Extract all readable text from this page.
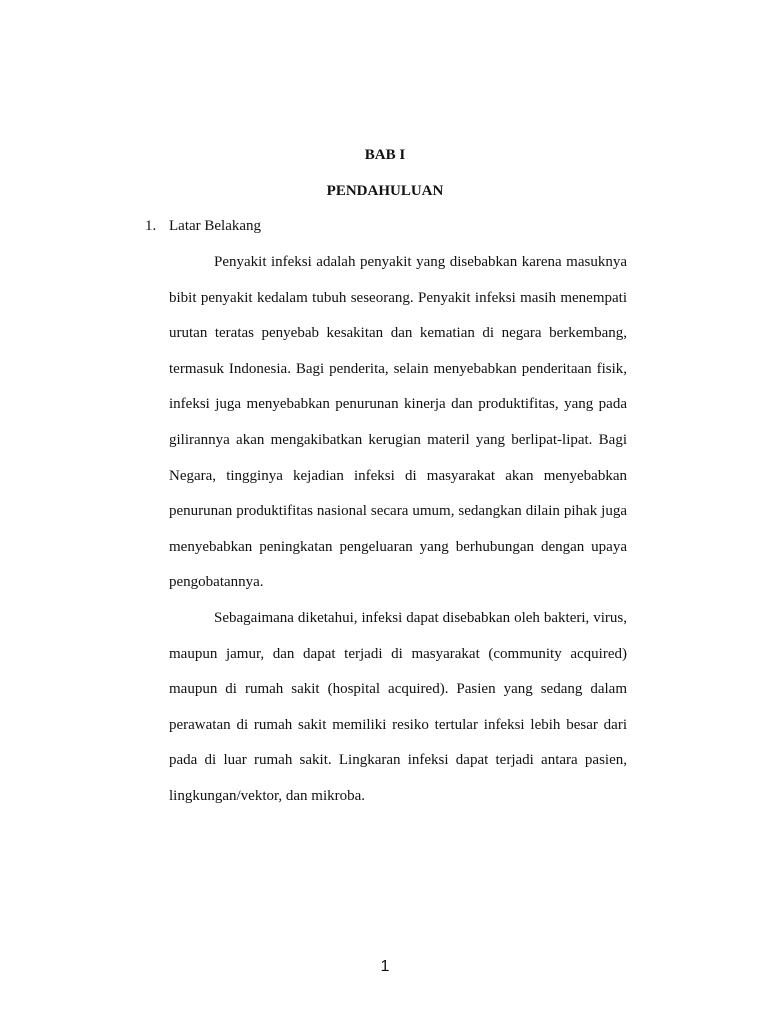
BAB I
PENDAHULUAN
1. Latar Belakang

Penyakit infeksi adalah penyakit yang disebabkan karena masuknya bibit penyakit kedalam tubuh seseorang. Penyakit infeksi masih menempati urutan teratas penyebab kesakitan dan kematian di negara berkembang, termasuk Indonesia. Bagi penderita, selain menyebabkan penderitaan fisik, infeksi juga menyebabkan penurunan kinerja dan produktifitas, yang pada gilirannya akan mengakibatkan kerugian materil yang berlipat-lipat. Bagi Negara, tingginya kejadian infeksi di masyarakat akan menyebabkan penurunan produktifitas nasional secara umum, sedangkan dilain pihak juga menyebabkan peningkatan pengeluaran yang berhubungan dengan upaya pengobatannya.

Sebagaimana diketahui, infeksi dapat disebabkan oleh bakteri, virus, maupun jamur, dan dapat terjadi di masyarakat (community acquired) maupun di rumah sakit (hospital acquired). Pasien yang sedang dalam perawatan di rumah sakit memiliki resiko tertular infeksi lebih besar dari pada di luar rumah sakit. Lingkaran infeksi dapat terjadi antara pasien, lingkungan/vektor, dan mikroba.

1
